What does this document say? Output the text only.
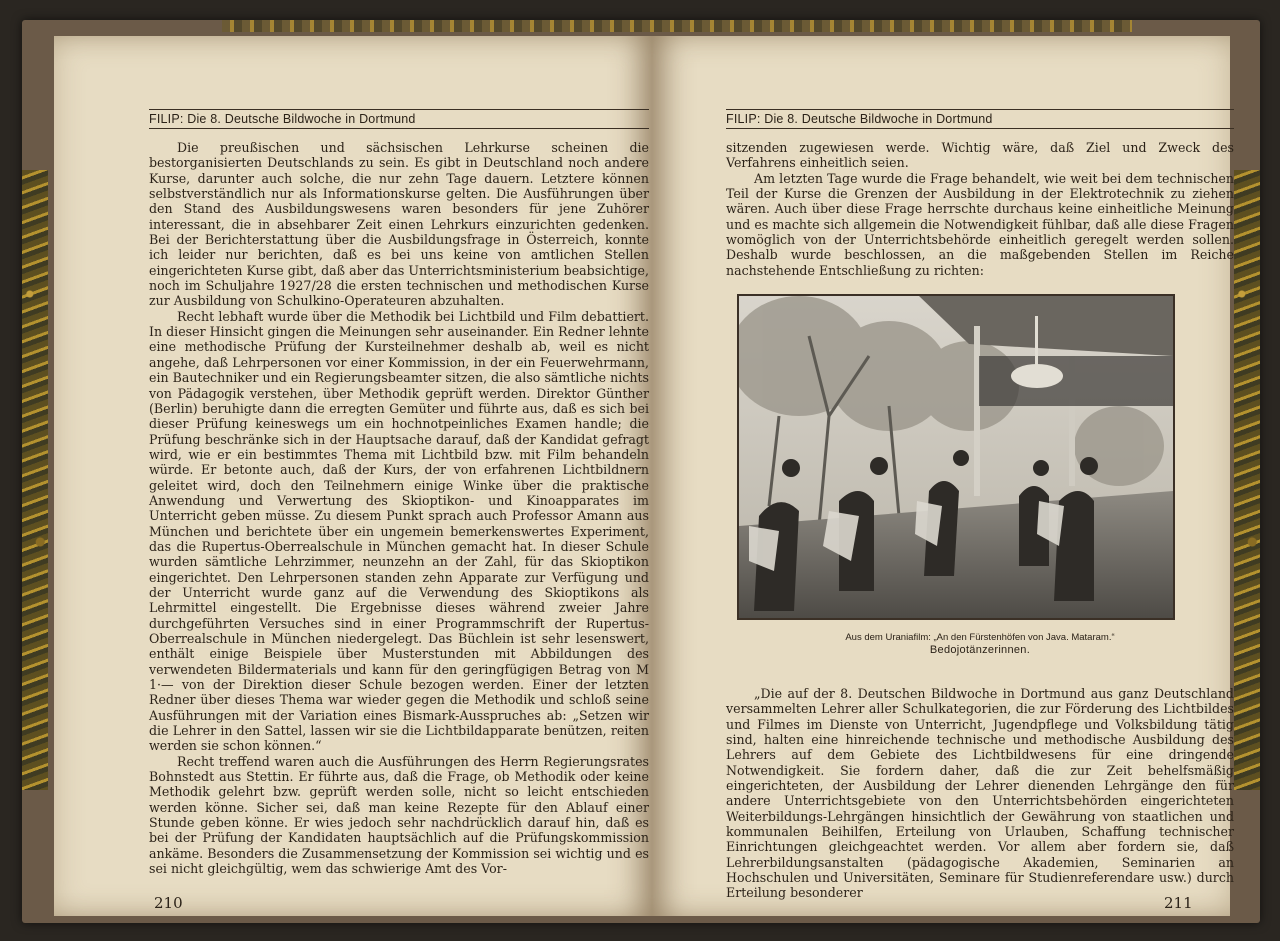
FILIP: Die 8. Deutsche Bildwoche in Dortmund

Die preußischen und sächsischen Lehrkurse scheinen die bestorganisierten Deutschlands zu sein. Es gibt in Deutschland noch andere Kurse, darunter auch solche, die nur zehn Tage dauern. Letztere können selbstverständlich nur als Informationskurse gelten. Die Ausführungen über den Stand des Ausbildungswesens waren besonders für jene Zuhörer interessant, die in absehbarer Zeit einen Lehrkurs einzurichten gedenken. Bei der Berichterstattung über die Ausbildungsfrage in Österreich, konnte ich leider nur berichten, daß es bei uns keine von amtlichen Stellen eingerichteten Kurse gibt, daß aber das Unterrichtsministerium beabsichtige, noch im Schuljahre 1927/28 die ersten technischen und methodischen Kurse zur Ausbildung von Schulkino-Operateuren abzuhalten.

Recht lebhaft wurde über die Methodik bei Lichtbild und Film debattiert. In dieser Hinsicht gingen die Meinungen sehr auseinander. Ein Redner lehnte eine methodische Prüfung der Kursteilnehmer deshalb ab, weil es nicht angehe, daß Lehrpersonen vor einer Kommission, in der ein Feuerwehrmann, ein Bautechniker und ein Regierungsbeamter sitzen, die also sämtliche nichts von Pädagogik verstehen, über Methodik geprüft werden. Direktor Günther (Berlin) beruhigte dann die erregten Gemüter und führte aus, daß es sich bei dieser Prüfung keineswegs um ein hochnotpeinliches Examen handle; die Prüfung beschränke sich in der Hauptsache darauf, daß der Kandidat gefragt wird, wie er ein bestimmtes Thema mit Lichtbild bzw. mit Film behandeln würde. Er betonte auch, daß der Kurs, der von erfahrenen Lichtbildnern geleitet wird, doch den Teilnehmern einige Winke über die praktische Anwendung und Verwertung des Skioptikon- und Kinoapparates im Unterricht geben müsse. Zu diesem Punkt sprach auch Professor Amann aus München und berichtete über ein ungemein bemerkenswertes Experiment, das die Rupertus-Oberrealschule in München gemacht hat. In dieser Schule wurden sämtliche Lehrzimmer, neunzehn an der Zahl, für das Skioptikon eingerichtet. Den Lehrpersonen standen zehn Apparate zur Verfügung und der Unterricht wurde ganz auf die Verwendung des Skioptikons als Lehrmittel eingestellt. Die Ergebnisse dieses während zweier Jahre durchgeführten Versuches sind in einer Programmschrift der Rupertus-Oberrealschule in München niedergelegt. Das Büchlein ist sehr lesenswert, enthält einige Beispiele über Musterstunden mit Abbildungen des verwendeten Bildermaterials und kann für den geringfügigen Betrag von M 1·— von der Direktion dieser Schule bezogen werden. Einer der letzten Redner über dieses Thema war wieder gegen die Methodik und schloß seine Ausführungen mit der Variation eines Bismark-Ausspruches ab: „Setzen wir die Lehrer in den Sattel, lassen wir sie die Lichtbildapparate benützen, reiten werden sie schon können.“

Recht treffend waren auch die Ausführungen des Herrn Regierungsrates Bohnstedt aus Stettin. Er führte aus, daß die Frage, ob Methodik oder keine Methodik gelehrt bzw. geprüft werden solle, nicht so leicht entschieden werden könne. Sicher sei, daß man keine Rezepte für den Ablauf einer Stunde geben könne. Er wies jedoch sehr nachdrücklich darauf hin, daß es bei der Prüfung der Kandidaten hauptsächlich auf die Prüfungskommission ankäme. Besonders die Zusammensetzung der Kommission sei wichtig und es sei nicht gleichgültig, wem das schwierige Amt des Vor-

210
FILIP: Die 8. Deutsche Bildwoche in Dortmund

sitzenden zugewiesen werde. Wichtig wäre, daß Ziel und Zweck des Verfahrens einheitlich seien.

Am letzten Tage wurde die Frage behandelt, wie weit bei dem technischen Teil der Kurse die Grenzen der Ausbildung in der Elektrotechnik zu ziehen wären. Auch über diese Frage herrschte durchaus keine einheitliche Meinung und es machte sich allgemein die Notwendigkeit fühlbar, daß alle diese Fragen womöglich von der Unterrichtsbehörde einheitlich geregelt werden sollen. Deshalb wurde beschlossen, an die maßgebenden Stellen im Reiche nachstehende Entschließung zu richten:

Aus dem Uraniafilm: „An den Fürstenhöfen von Java. Mataram.“
Bedojotänzerinnen.

„Die auf der 8. Deutschen Bildwoche in Dortmund aus ganz Deutschland versammelten Lehrer aller Schulkategorien, die zur Förderung des Lichtbildes und Filmes im Dienste von Unterricht, Jugendpflege und Volksbildung tätig sind, halten eine hinreichende technische und methodische Ausbildung des Lehrers auf dem Gebiete des Lichtbildwesens für eine dringende Notwendigkeit. Sie fordern daher, daß die zur Zeit behelfsmäßig eingerichteten, der Ausbildung der Lehrer dienenden Lehrgänge den für andere Unterrichtsgebiete von den Unterrichtsbehörden eingerichteten Weiterbildungs-Lehrgängen hinsichtlich der Gewährung von staatlichen und kommunalen Beihilfen, Erteilung von Urlauben, Schaffung technischer Einrichtungen gleichgeachtet werden. Vor allem aber fordern sie, daß Lehrerbildungsanstalten (pädagogische Akademien, Seminarien an Hochschulen und Universitäten, Seminare für Studienreferendare usw.) durch Erteilung besonderer

211
